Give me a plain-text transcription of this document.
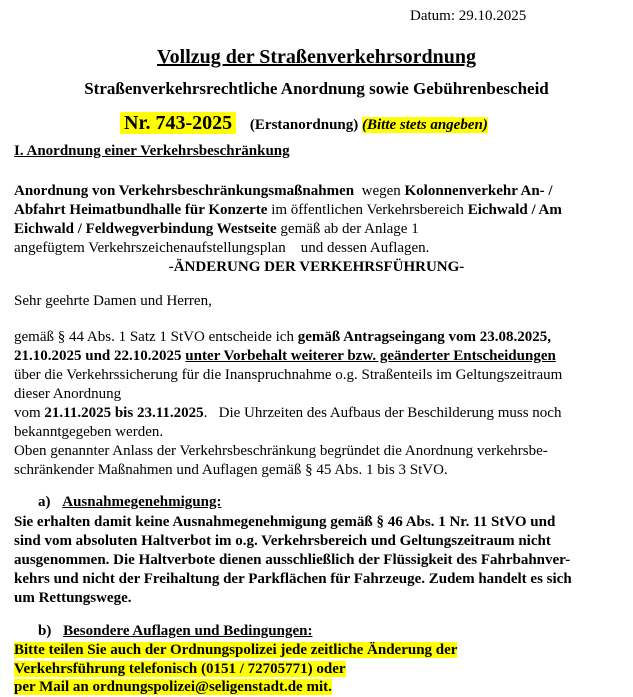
Datum: 29.10.2025
Vollzug der Straßenverkehrsordnung
Straßenverkehrsrechtliche Anordnung sowie Gebührenbescheid
Nr. 743-2025 (Erstanordnung) (Bitte stets angeben)
I. Anordnung einer Verkehrsbeschränkung
Anordnung von Verkehrsbeschränkungsmaßnahmen  wegen Kolonnenverkehr An- /
Abfahrt Heimatbundhalle für Konzerte im öffentlichen Verkehrsbereich Eichwald / Am
Eichwald / Feldwegverbindung Westseite gemäß ab der Anlage 1
angefügtem Verkehrszeichenaufstellungsplan    und dessen Auflagen.
-ÄNDERUNG DER VERKEHRSFÜHRUNG-
Sehr geehrte Damen und Herren,
gemäß § 44 Abs. 1 Satz 1 StVO entscheide ich gemäß Antragseingang vom 23.08.2025,
21.10.2025 und 22.10.2025 unter Vorbehalt weiterer bzw. geänderter Entscheidungen
über die Verkehrssicherung für die Inanspruchnahme o.g. Straßenteils im Geltungszeitraum
dieser Anordnung
vom 21.11.2025 bis 23.11.2025.   Die Uhrzeiten des Aufbaus der Beschilderung muss noch
bekanntgegeben werden.
Oben genannter Anlass der Verkehrsbeschränkung begründet die Anordnung verkehrsbe-
schränkender Maßnahmen und Auflagen gemäß § 45 Abs. 1 bis 3 StVO.
a) Ausnahmegenehmigung:
Sie erhalten damit keine Ausnahmegenehmigung gemäß § 46 Abs. 1 Nr. 11 StVO und
sind vom absoluten Haltverbot im o.g. Verkehrsbereich und Geltungszeitraum nicht
ausgenommen. Die Haltverbote dienen ausschließlich der Flüssigkeit des Fahrbahnver-
kehrs und nicht der Freihaltung der Parkflächen für Fahrzeuge. Zudem handelt es sich
um Rettungswege.
b) Besondere Auflagen und Bedingungen:
Bitte teilen Sie auch der Ordnungspolizei jede zeitliche Änderung der
Verkehrsführung telefonisch (0151 / 72705771) oder
per Mail an ordnungspolizei@seligenstadt.de mit.
